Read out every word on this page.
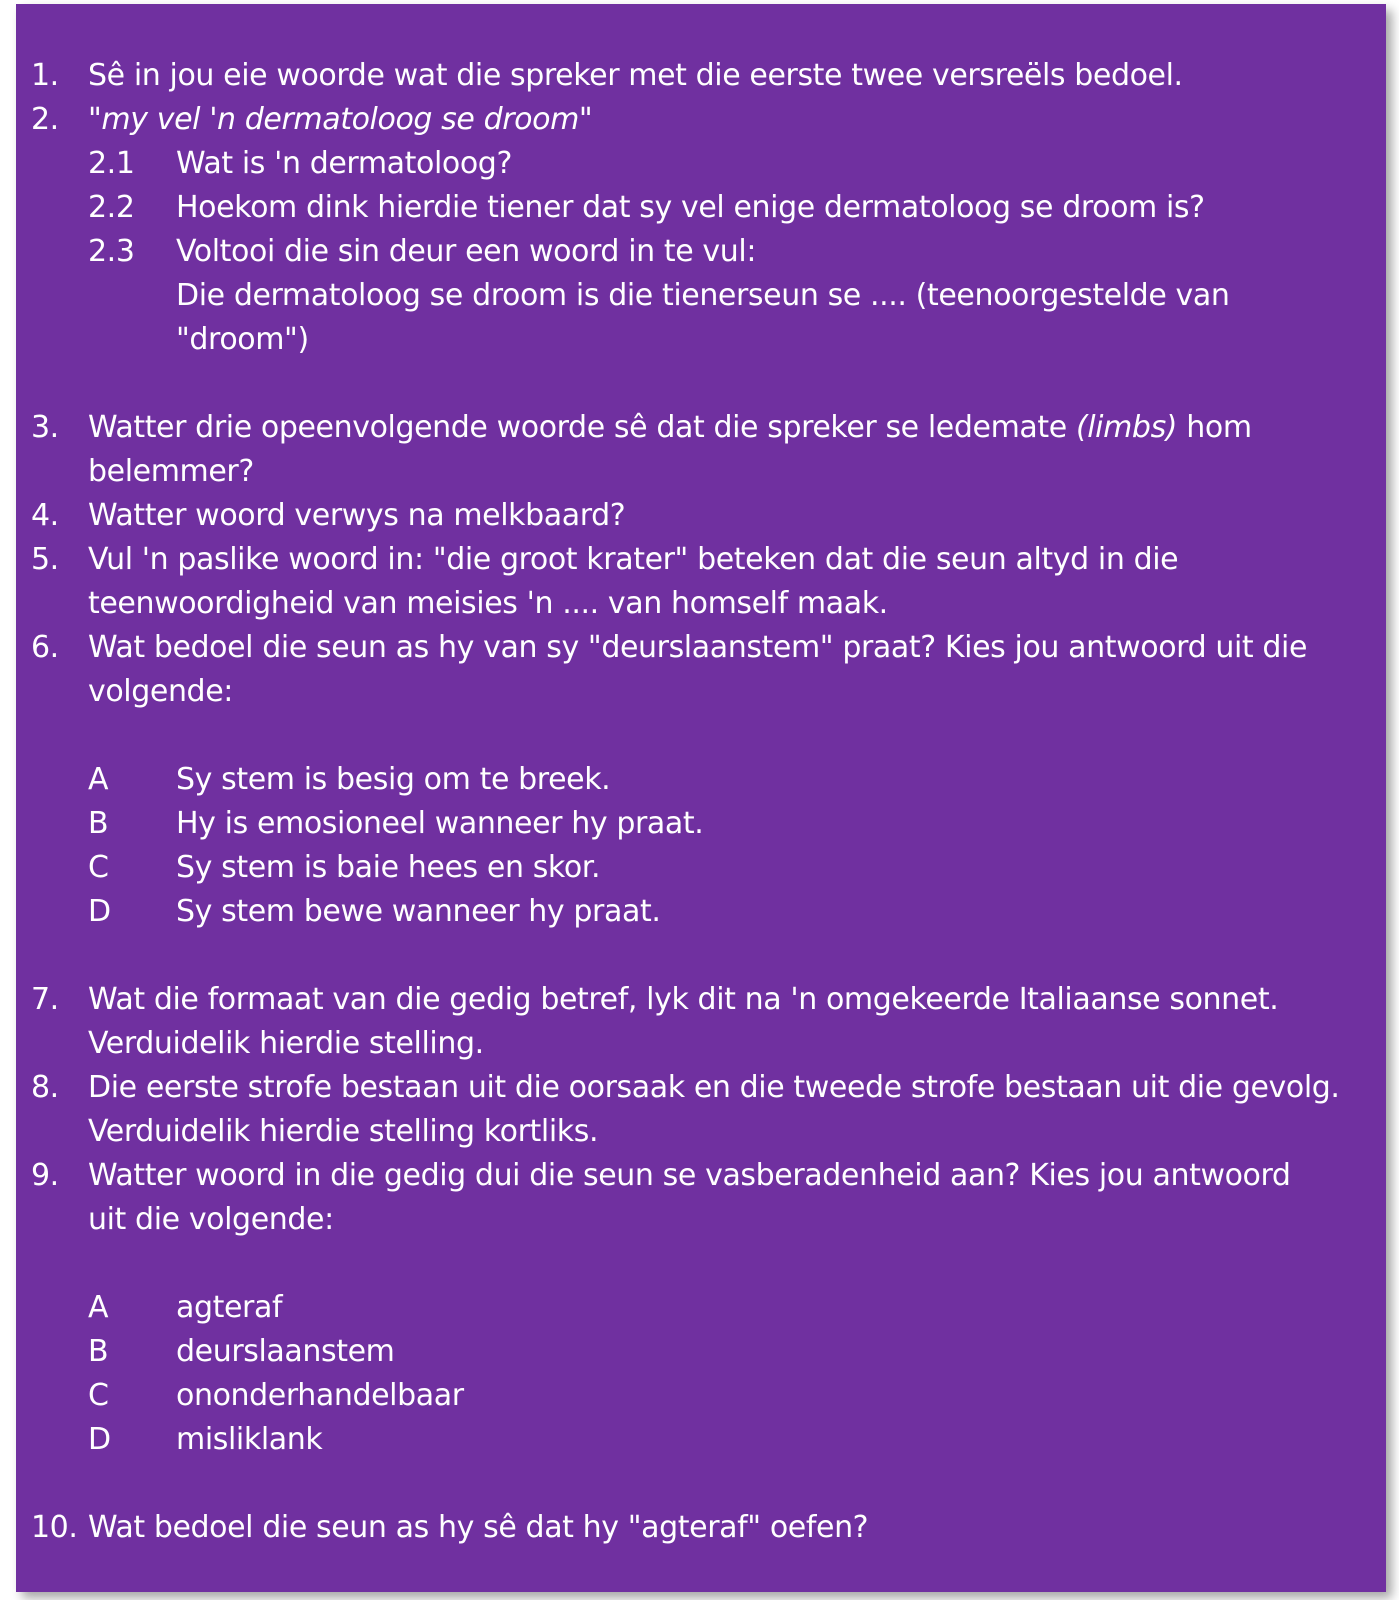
1. Sê in jou eie woorde wat die spreker met die eerste twee versreëls bedoel.
2. "my vel 'n dermatoloog se droom"
2.1 Wat is 'n dermatoloog?
2.2 Hoekom dink hierdie tiener dat sy vel enige dermatoloog se droom is?
2.3 Voltooi die sin deur een woord in te vul:
Die dermatoloog se droom is die tienerseun se .... (teenoorgestelde van
"droom")
3. Watter drie opeenvolgende woorde sê dat die spreker se ledemate (limbs) hom
belemmer?
4. Watter woord verwys na melkbaard?
5. Vul 'n paslike woord in: "die groot krater" beteken dat die seun altyd in die
teenwoordigheid van meisies 'n .... van homself maak.
6. Wat bedoel die seun as hy van sy "deurslaanstem" praat? Kies jou antwoord uit die
volgende:
A Sy stem is besig om te breek.
B Hy is emosioneel wanneer hy praat.
C Sy stem is baie hees en skor.
D Sy stem bewe wanneer hy praat.
7. Wat die formaat van die gedig betref, lyk dit na 'n omgekeerde Italiaanse sonnet.
Verduidelik hierdie stelling.
8. Die eerste strofe bestaan uit die oorsaak en die tweede strofe bestaan uit die gevolg.
Verduidelik hierdie stelling kortliks.
9. Watter woord in die gedig dui die seun se vasberadenheid aan? Kies jou antwoord
uit die volgende:
A agteraf
B deurslaanstem
C ononderhandelbaar
D misliklank
10. Wat bedoel die seun as hy sê dat hy "agteraf" oefen?
